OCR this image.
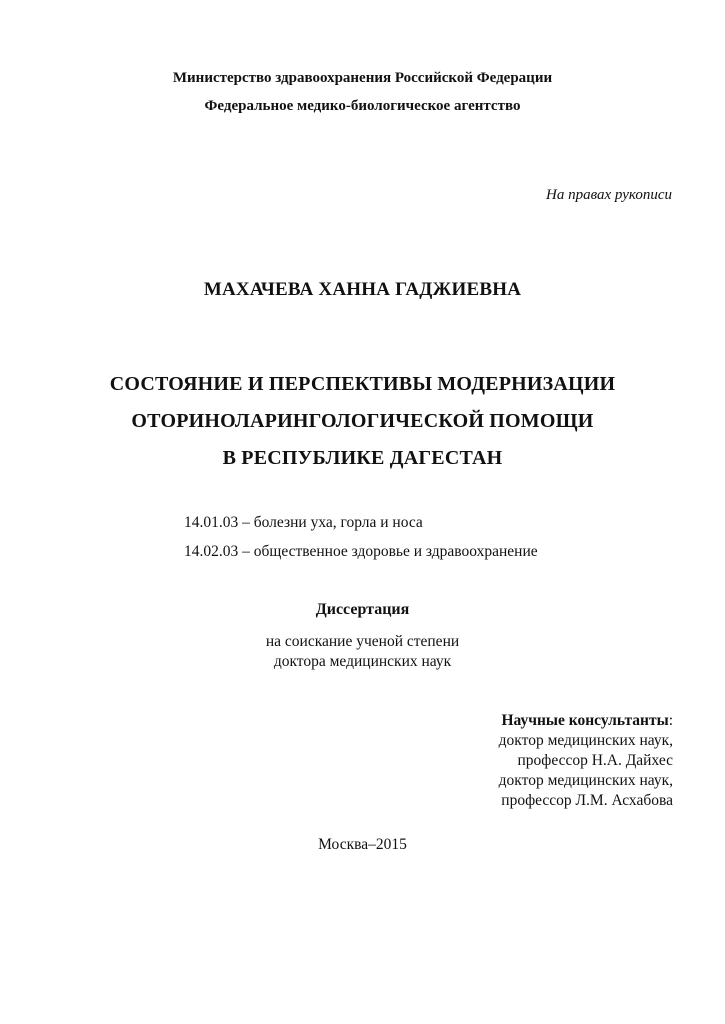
Министерство здравоохранения Российской Федерации
Федеральное медико-биологическое агентство
На правах рукописи
МАХАЧЕВА ХАННА ГАДЖИЕВНА
СОСТОЯНИЕ И ПЕРСПЕКТИВЫ МОДЕРНИЗАЦИИ
ОТОРИНОЛАРИНГОЛОГИЧЕСКОЙ ПОМОЩИ
В РЕСПУБЛИКЕ ДАГЕСТАН
14.01.03 – болезни уха, горла и носа
14.02.03 – общественное здоровье и здравоохранение
Диссертация
на соискание ученой степени
доктора медицинских наук
Научные консультанты:
доктор медицинских наук,
профессор Н.А. Дайхес
доктор медицинских наук,
профессор Л.М. Асхабова
Москва–2015
